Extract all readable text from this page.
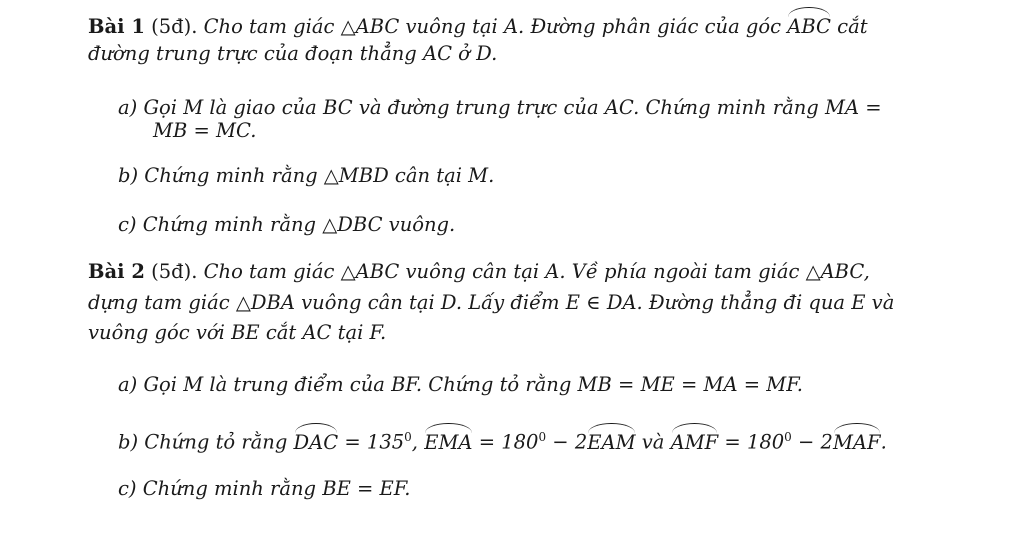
Bài 1 (5đ). Cho tam giác △ABC vuông tại A. Đường phân giác của góc ABC cắt
đường trung trực của đoạn thẳng AC ở D.
a) Gọi M là giao của BC và đường trung trực của AC. Chứng minh rằng MA =
MB = MC.
b) Chứng minh rằng △MBD cân tại M.
c) Chứng minh rằng △DBC vuông.
Bài 2 (5đ). Cho tam giác △ABC vuông cân tại A. Về phía ngoài tam giác △ABC,
dựng tam giác △DBA vuông cân tại D. Lấy điểm E ∈ DA. Đường thẳng đi qua E và
vuông góc với BE cắt AC tại F.
a) Gọi M là trung điểm của BF. Chứng tỏ rằng MB = ME = MA = MF.
b) Chứng tỏ rằng DAC = $135^0$, EMA = $180^0 - 2EAM$ và AMF = $180^0 - 2MAF$.
c) Chứng minh rằng BE = EF.
